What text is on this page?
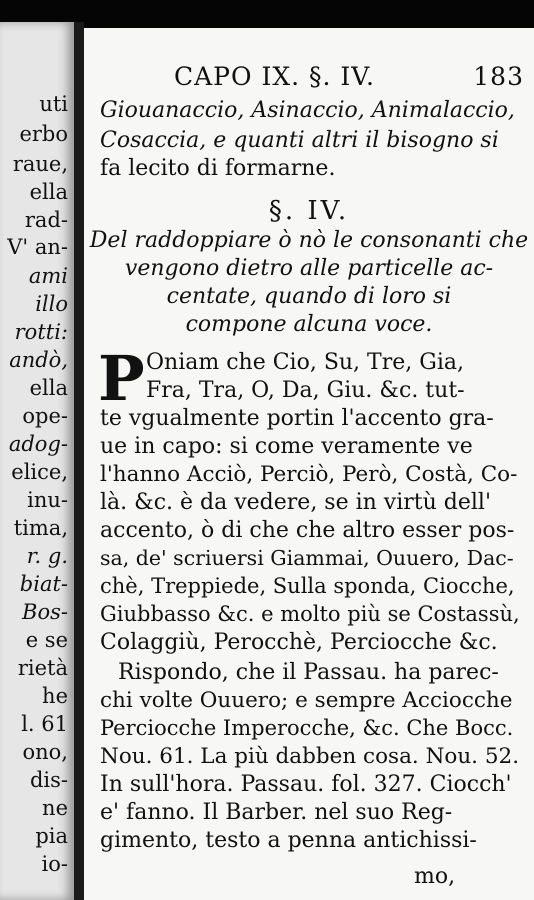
uti
erbo
raue,
ella
rad-
V' an-
ami
illo
rotti:
andò,
ella
ope-
adog-
elice,
inu-
tima,
r. g.
biat-
Bos-
e se
rietà
he
l. 61
ono,
dis-
ne
pia
io-
CAPO IX. §. IV.	183
Giouanaccio, Asinaccio, Animalaccio,
Cosaccia, e quanti altri il bisogno si
fa lecito di formarne.
§. IV.
Del raddoppiare ò nò le consonanti che
vengono dietro alle particelle ac-
centate, quando di loro si
compone alcuna voce.
P Oniam che Cio, Su, Tre, Gia,
Fra, Tra, O, Da, Giu. &c. tut-
te vgualmente portin l'accento gra-
ue in capo: si come veramente ve
l'hanno Acciò, Perciò, Però, Costà, Co-
là. &c. è da vedere, se in virtù dell'
accento, ò di che che altro esser pos-
sa, de' scriuersi Giammai, Ouuero, Dac-
chè, Treppiede, Sulla sponda, Ciocche,
Giubbasso &c. e molto più se Costassù,
Colaggiù, Perocchè, Perciocche &c.
Rispondo, che il Passau. ha parec-
chi volte Ouuero; e sempre Acciocche
Perciocche Imperocche, &c. Che Bocc.
Nou. 61. La più dabben cosa. Nou. 52.
In sull'hora. Passau. fol. 327. Ciocch'
e' fanno. Il Barber. nel suo Reg-
gimento, testo a penna antichissi-
mo,
